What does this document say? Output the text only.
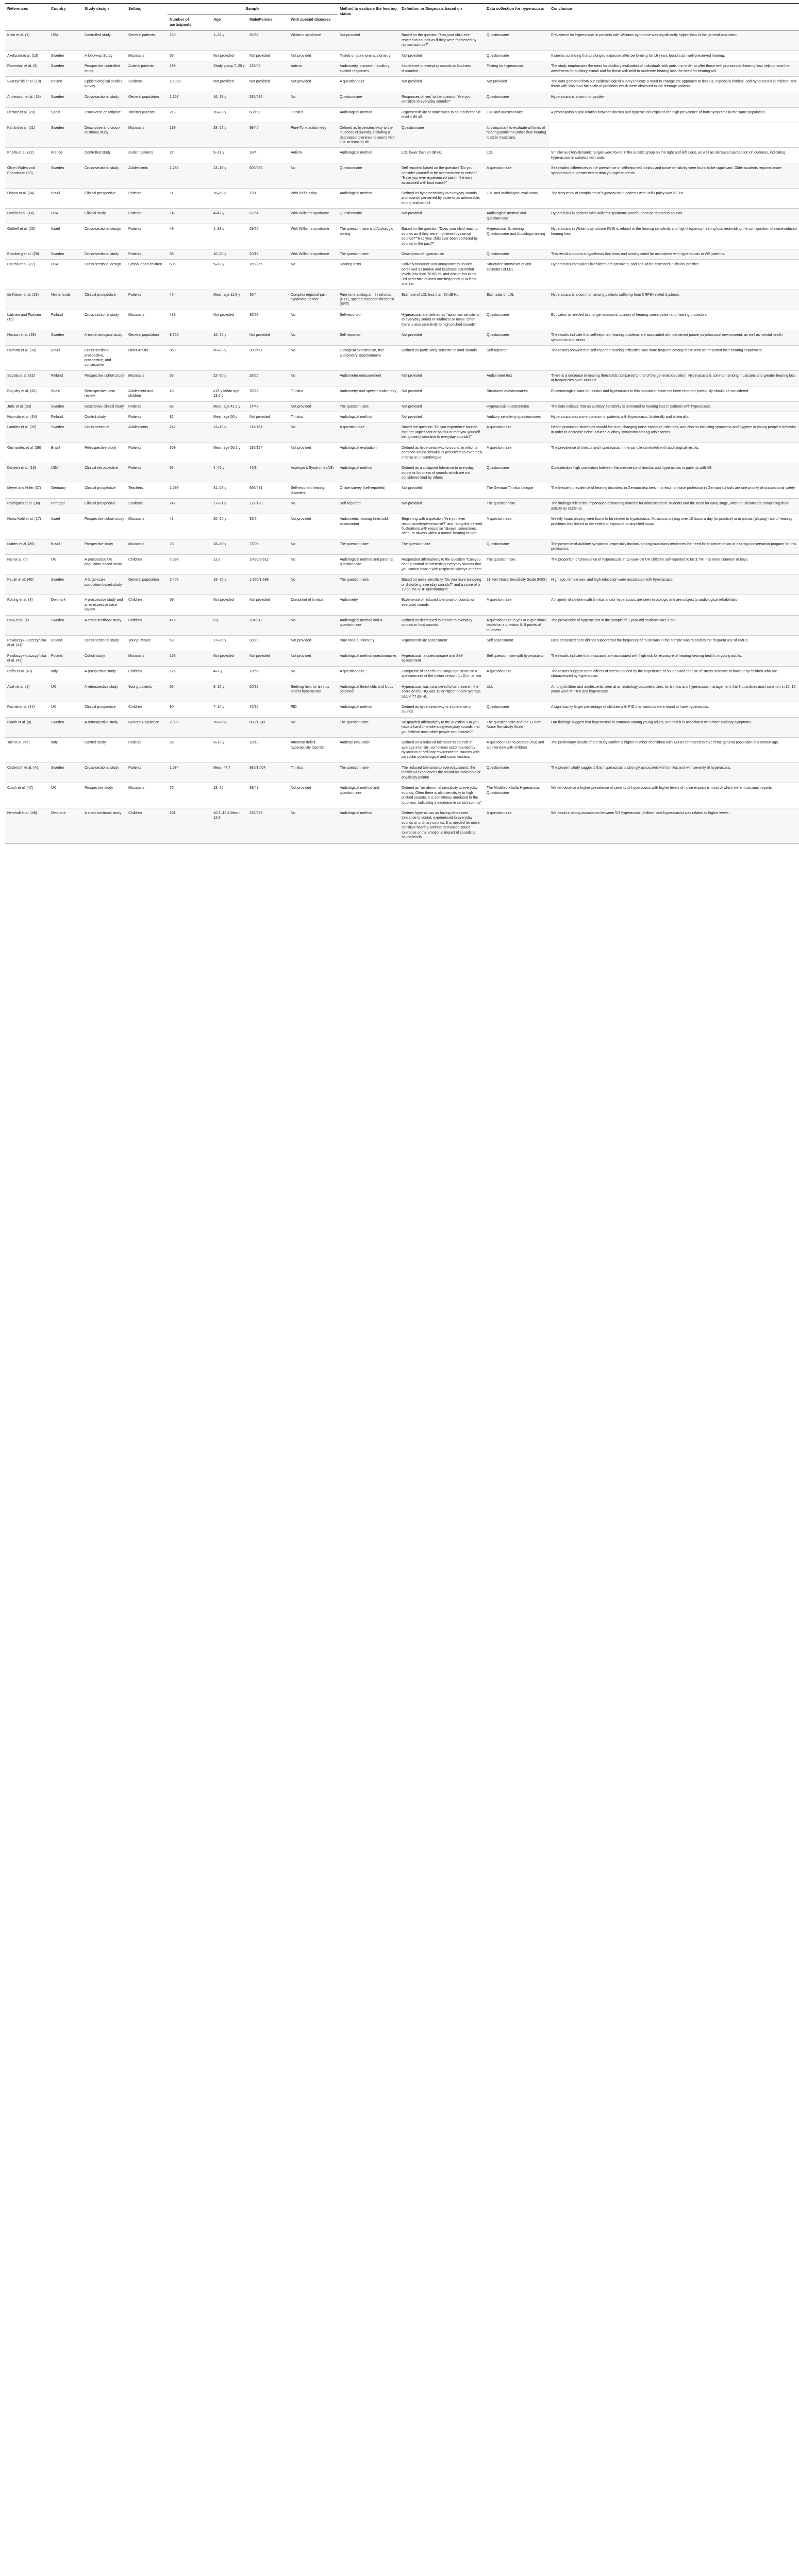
References	Country	Study design	Setting	Sample				Method to evaluate the hearing status	Definition or Diagnosis based on	Data collection for hyperacusis	Conclusion
				Number of participants	Age	Male/Female	With special diseases				
Klein et al. (1)	USA	Controlled study	General patients	130	1–29 y	65/65	Williams syndrome	Not provided	Based on the question "Has your child ever reacted to sounds as if they were frightened by normal sounds?"	Questionnaire	Prevalence for hyperacusis in patients with Williams syndrome was significantly higher than in the general population.
Axelsson et al. (13)	Sweden	A follow-up Study	Musicians	53	Not provided	Not provided	Not provided	Tested on pure tone audiometry	Not provided	Questionnaire	It seems surprising that prolonged exposure after performing for 16 years found such well-preserved hearing.
Rosenhall et al. (8)	Sweden	Prospective controlled study	Autistic patients	199	Study group 7–20 y	153/46	Autism	Audiometry, brainstem auditory evoked responses	Intolerance to everyday sounds or loudness discomfort	Testing for hyperacusis	The study emphasizes the need for auditory evaluation of individuals with autism in order to offer those with pronounced hearing loss help to raise the awareness for auditory stimuli and for those with mild to moderate hearing loss the need for hearing aid.
Skarzynski et al. (18)	Poland	Epidemiological studies survey	Students	10,300	Not provided	Not provided	Not provided	A questionnaire	Not provided	Not provided	The data gathered from our epidemiological survey indicate a need to change the approach to tinnitus, especially tinnitus, and hyperacusis in children and those with less than the scale of problems which were observed in the teenage patients.
Andersson et al. (19)	Sweden	Cross-sectional study	General population	1,167	16–79 y	535/635	No	Questionnaire	Responses of 'yes' to the question 'Are you sensitive to everyday sounds?'	Questionnaire	Hyperacusis is a common problem.
Herraiz et al. (20)	Spain	Transverse descriptive	Tinnitus patients	213	20–88 y	63/150	Tinnitus	Audiological method	Hypersensitivity or intolerance to sound threshold level < 90 dB	LDL and questionnaire	A physiopathological relation between tinnitus and hyperacusis explains the high prevalence of both symptoms in the same population.
Kähärit et al. (21)	Sweden	Descriptive and cross-sectional study	Musicians	139	28–67 y	99/40	Pure-Tone audiometry	Defined as hypersensitivity to the loudness of sounds, including a decreased tolerance to sound with LDL at least 90 dB	Questionnaire	It is important to evaluate all kinds of hearing problems (other than hearing loss) in musicians.	
Khalfa et al. (22)	France	Controlled study	Autism patients	22	9–17 y	18/4	Autism	Audiological method	LDL lower than 80 dB HL	LDL	Smaller auditory dynamic ranges were found in the autistic group on the right and left sides, as well as increased perception of loudness, indicating hyperacusis in subjects with autism.
Olsen Widén and Erlandsson (23)	Sweden	Cross-sectional study	Adolescents	1,285	13–19 y	605/680	No	Questionnaire	Self reported based on the question "Do you consider yourself to be oversensitive to noise?" "Have you ever experienced pain in the ears associated with loud noise?"	A questionnaire	Sex related differences in the prevalence of self-reported tinnitus and noise sensitivity were found to be significant. Older students reported more symptoms to a greater extent than younger students.
Lisboa et al. (24)	Brazil	Clinical prospective	Patients	11	16–60 y	7/11	With Bell's palsy	Audiological method	Defined as hypersensitivity to everyday sounds and sounds perceived by patients as unbearable, strong and painful	LDL and audiological evaluation	The frequency of complaints of hyperacusis in patients with Bell's palsy was 27.3%.
Levitin et al. (14)	USA	Clinical study	Patients	118	4–47 y	57/61	With Williams syndrome	Questionnaire	Not provided	Audiological method and questionnaire	Hyperacusis in patients with Williams syndrome was found to be related to sounds.
Gothelf et al. (25)	Israel	Cross-sectional design	Patients	49	1–38 y	29/20	With Williams syndrome	The questionnaire and Audiologic testing	Based on the question "Does your child react to sounds as if they were frightened by normal sounds?""Has your child ever been bothered by sounds in the past?"	Hyperacusis Screening Questionnaire and Audiologic testing	Hyperacusis in Williams syndrome (WS) is related to the hearing sensitivity and high-frequency hearing loss resembling the configuration of noise-induced hearing loss.
Blomberg et al. (26)	Sweden	Cross-sectional study	Patients	38	10–50 y	20/18	With Williams syndrome	The questionnaire	Description of hyperacusis	Questionnaire	This result supports a hypothesis that tears and anxiety could be associated with hyperacusis in WS patients.
Coelho et al. (27)	USA	Cross-sectional design	School-aged children	506	5–12 y	265/256	No	Hearing tests	Unlikely tolerance and annoyance to sounds perceived as normal and loudness discomfort levels less than 70 dB HL and discomfort in the 3rd percentile at least one frequency in at least one ear	Structured interviews of and estimates of LDL	Hyperacusis complaints in children are prevalent, and should be assessed in clinical practice.
de Klaver et al. (28)	Netherlands	Clinical prospective	Patients	40	Mean age 11.8 y	36/4	Complex regional pain syndrome patient	Pure tone audiogram thresholds (PTT), speech reception threshold (SRT)	Estimate of LDL less than 90 dB HL	Estimates of LDL	Hyperacusis is a common among patients suffering from CRPS-related dystonia.
Laitinen and Poulsen (15)	Finland	Cross sectional study	Musicians	418	Not provided	86/67	No	Self-reported	Hyperacusis are defined as "abnormal sensitivity to everyday sound or loudness or noise. Often there is also sensitivity to high pitched sounds"	Questionnaire	Education is needed to change musicians' opinion of hearing conservation and hearing protectors.
Hasson et al. (29)	Sweden	A epidemiological study	General population	9,756	16–75 y	Not provided	No	Self reported	Not provided	Questionnaire	The results indicate that self-reported hearing problems are associated with perceived poorer psychosocial environment, as well as mental health symptoms and stress.
Harinda et al. (30)	Brazil	Cross-sectional prospective, prospective, and consecutive	Older Adults	860	50–89 y	380/467	No	Otological examination, free audiometry, questionnaire	Defined as particularly sensitive to loud sounds	Self-reported	The results showed that self-reported hearing difficulties was more frequent among those who self reported their hearing impairment.
Sapola et al. (31)	Finland	Prospective cohort study	Musicians	53	22–60 y	28/25	No	Audiometer measurement	Not provided	Audiometer test	There is a decrease in hearing thresholds compared to that of the general population. Hyperacusis is common among musicians and greater hearing loss at frequencies over 3000 Hz.
Baguley et al. (32)	Spain	Retrospective case review	Adolescent and children	48	≥18 y Mean age 13.6 y	25/23	Tinnitus	Audiometry and speech audiometry	Not provided	Structured questionnaires	Epidemiological data for tinnitus and hyperacusis in this population have not been reported previously should be considered.
Juris et al. (33)	Sweden	Descriptive clinical study	Patients	62	Mean age 41.2 y	14/48	Not provided	The questionnaire	Not provided	Hyperacusis questionnaire	The data indicate that an auditory sensitivity is unrelated to hearing loss in patients with hyperacusis.
Hannula et al. (34)	Finland	Control study	Patients	82	Mean age 50 y	Not provided	Tinnitus	Audiological method	Not provided	Auditory sensitivity questionnaires	Hyperacusis was more common in patients with hyperacusis, bilaterally and bilaterally.
Landälv et al. (35)	Sweden	Cross sectional	Adolescents	242	13–19 y	119/123	No	A questionnaire	Based the question "Do you experience sounds that are unpleasant or painful or that you yourself being overly sensitive to everyday sounds?"	A questionnaire	Health promotion strategies should focus on changing noise exposure, attitudes, and also on including symptoms and hygiene in young people's behavior in order to decrease noise induced auditory symptoms among adolescents.
Guimarães et al. (36)	Brazil	Retrospective study	Patients	309	Mean age 50.2 y	185/124	Not provided	Audiological evaluation	Defined as hypersensitivity to sound, in which a common sound stimulus is perceived as extremely intense or uncomfortable	A questionnaire	The prevalence of tinnitus and hyperacusis in the sample correlated with audiological results.
Danesh et al. (16)	USA	Clinical retrospective	Patients	55	4–40 y	46/9	Asperger's Syndrome (AS)	Audiological method	Defined as a collapsed tolerance to everyday, sound or loudness of sounds which are not considered loud by others	Questionnaire	Considerable high correlation between the prevalence of tinnitus and hyperacusis in patients with AS.
Meyer and Hiller (37)	Germany	Clinical prospective	Teachers	1,099	31–69 y	668/431	Self-reported hearing disorders	Online survey (self-reported)	Not provided	The German Tinnitus League	The frequent prevalence of hearing disorders in German teachers in a result of noise protection in German schools are one priority of occupational safety.
Rodrigues et al. (38)	Portugal	Clinical prospective	Students	242	17–31 y	122/120	No	Self-reported	Not provided	The questionnaire	The findings reflect the importance of learning material for adolescents in students and the need for early stage, when musicians are completing their activity as students.
Hałas Kohl et al. (17)	Israel	Prospective cohort study	Musicians	41	20–50 y	35/6	Not provided	Audiometric hearing threshold assessment	Beginning with a question "Are you ever responsive/hypersensitive?" and rating the defined fluctuations with response "always, sometimes, often, or always within a normal hearing range"	A questionnaire	Weekly hours playing were found to be related to hyperacusis. Musicians playing over 10 hours a day (to practice) or in pianos (playing) rate of hearing problems was linked to the extent of exposure to amplified music.
Luders et al. (39)	Brazil	Prospective study	Musicians	78	18–59 y	73/05	No	The questionnaire	The questionnaire	Questionnaire	The presence of auditory symptoms, especially tinnitus, among musicians reinforces the need for implementation of hearing conservation program for this profession.
Hall et al. (5)	UK	A prospective UK population-based study	Children	7,097	11 y	3,490/3,612	No	Audiological method and parental questionnaire	Responded affirmatively to the question "Can you hear a normal or interesting everyday sounds that you cannot hear?" with response "always or often"	The questionnaire	The proportion of prevalence of hyperacusis in 11-year-old UK children self-reported to be 3.7%. It is more common in boys.
Paulin et al. (40)	Sweden	A large-scale population-based study	General population	3,406	18–75 y	1,656/1,698	No	The questionnaire	Based on noise sensitivity "Do you have annoying or disturbing everyday sounds?" and a score of ≥ 19 on the GÜF questionnaire	11-item Noise Sensitivity Scale (NSS)	High age, female sex, and high education were associated with hyperacusis.
Rosing et al. (3)	Denmark	A prospective study and a retrospective case review	Children	59	Not provided	Not provided	Complaint of tinnitus	Audiometry	Experience of reduced tolerance of sounds or everyday sounds	A questionnaire	A majority of children with tinnitus and/or hyperacusis are seen in otologic and are subject to audiological rehabilitation.
Raaj et al. (4)	Sweden	A cross sectional study	Children	416	9 y	204/212	No	Audiological method and a questionnaire	Defined as decreased tolerance to everyday sounds or loud sounds	A questionnaire: 5 yes or 6 questions, based on a question 8–9 points of loudness	The prevalence of hyperacusis in the sample of 9-year-old students was 3.2%.
Pawlaczyk-Łuszczyńska et al. (41)	Poland	Cross sectional study	Young People	59	17–26 y	30/29	Not provided	Pure-tone audiometry	Hypersensitivity assessment	Self assessment	Data presented here did not support that the frequency of musicians in the sample was related to the frequent use of PMPs.
Pawlaczyk-Łuszczyńska et al. (42)	Poland	Cohort study	Musicians	168	Not provided	Not provided	Not provided	Audiological method questionnaires	Hyperacusis: a questionnaire and Self-assessment	Self questionnaire with hyperacusis	The results indicate that musicians are associated with high risk for exposure of hearing hearing health, in young adults.
Raffa et al. (43)	Italy	A prospective study	Children	126	4–7 y	70/56	No	A questionnaire	Composite of speech and language: score on a questionnaire of the Italian version (LLD) in an ear	A questionnaire	The results suggest some effects of stress induced by the experience of sounds and the use of stress sensitive behaviour by children who are characterized by hyperacusis.
Aazh et al. (2)	UK	A retrospective study	Young patients	55	8–16 y	20/35	Seeking help for tinnitus and/or hyperacusis	Audiological thresholds and ULLs obtained	Hyperacusis was considered to be present if the score on the HQ was 19 or higher and/or average ULL < 77 dB HL	ULL	Among children and adolescents seen at an audiology outpatient clinic for tinnitus and hyperacusis management, the 3 quantities most common in 15–10 years were tinnitus and hyperacusis.
Rashid et al. (44)	UK	Clinical prospective	Children	80	7–14 y	45/35	PID	Audiological method	Defined as hypersensitivity or intolerance of sounds	Questionnaire	A significantly larger percentage of children with PID than controls were found to have hyperacusis.
Fioulh et al. (9)	Sweden	A retrospective study	General Population	2,099	18–75 y	858/1,241	No	The questionnaire	Responded affirmatively to the question "Do you have a hard time tolerating everyday sounds that you believe most other people can tolerate?"	The questionnaire and the 11-item Noise Sensitivity Scale	Our findings suggest that hyperacusis is common among young adults, and that it is associated with other auditory symptoms.
Tolli et al. (45)	Italy	Control study	Patients	33	9–13 y	23/10	Attention deficit hyperactivity disorder	Auditory evaluation	Defined as a reduced tolerance to sounds of average intensity, sometimes accompanied by dysacusis or ordinary environmental sounds with particular psychological and social distress	A questionnaire to parents (PQ) and an interview with children	The preliminary results of our study confirm a higher number of children with ADHD compared to that of the general population in a certain age.
Cederroth et al. (46)	Sweden	Cross-sectional study	Patients	1,084	Mean 47.7	880/1,004	Tinnitus	The questionnaire	The reduced tolerance to everyday sound; the individual experiences the sound as intolerable or physically painful	Questionnaire	The present study suggests that hyperacusis is strongly associated with tinnitus and with severity of hyperacusis.
Couth et al. (47)	UK	Prospective study	Musicians	75	18–26	38/43	Not provided	Audiological method and questionnaire	Defined as "an abnormal sensitivity to everyday sounds; Often there is also sensitivity to high pitched sounds; It is sometimes unrelated to the loudness, indicating a decrease in certain sounds"	The Modified Khalfa Hyperacusis Questionnaire	We will observe a higher prevalence of severity of hyperacusis with higher levels of noise exposure, most of which were musicians' reports.
Nemholt et al. (48)	Denmark	A cross sectional study	Children	501	10.3–16.4 Mean 12.9	236/275	No	Audiological method	Defines hyperacusis as having decreased tolerance to sound, experienced in everyday sounds or ordinary sounds. It is needed for noise sensitive hearing and the decreased sound tolerance or the emotional impact of sounds at sound levels	A questionnaire	We found a strong association between 5/3 hyperacusis (children and hyperacusis) was related to higher levels.
